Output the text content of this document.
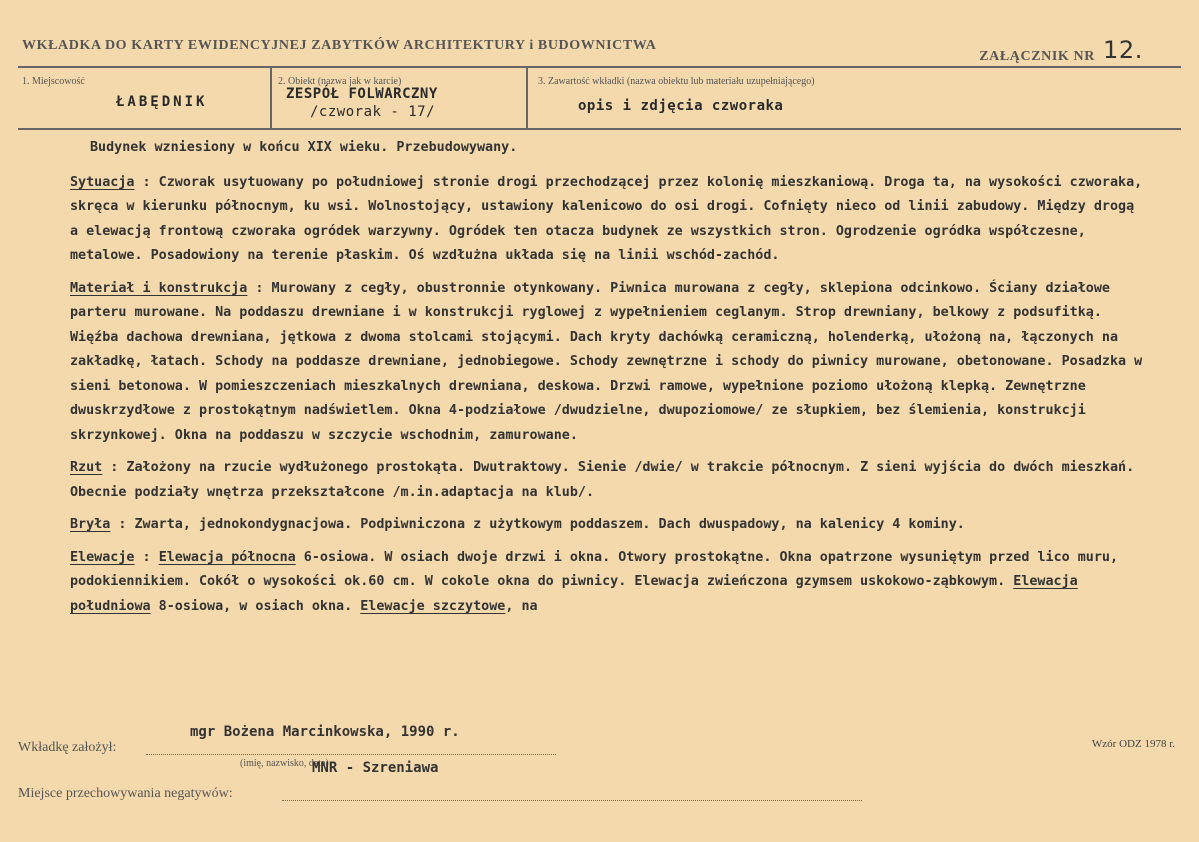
WKŁADKA DO KARTY EWIDENCYJNEJ ZABYTKÓW ARCHITEKTURY i BUDOWNICTWA
ZAŁĄCZNIK NR 12.
1. Miejscowość
ŁABĘDNIK
2. Obiekt (nazwa jak w karcie)
ZESPÓŁ FOLWARCZNY
/czworak - 17/
3. Zawartość wkładki (nazwa obiektu lub materiału uzupełniającego)
opis i zdjęcia czworaka

Budynek wzniesiony w końcu XIX wieku. Przebudowywany.

Sytuacja : Czworak usytuowany po południowej stronie drogi przechodzącej przez kolonię mieszkaniową. Droga ta, na wysokości czworaka, skręca w kierunku północnym, ku wsi. Wolnostojący, ustawiony kalenicowo do osi drogi. Cofnięty nieco od linii zabudowy. Między drogą a elewacją frontową czworaka ogródek warzywny. Ogródek ten otacza budynek ze wszystkich stron. Ogrodzenie ogródka współczesne, metalowe. Posadowiony na terenie płaskim. Oś wzdłużna układa się na linii wschód-zachód.

Materiał i konstrukcja : Murowany z cegły, obustronnie otynkowany. Piwnica murowana z cegły, sklepiona odcinkowo. Ściany działowe parteru murowane. Na poddaszu drewniane i w konstrukcji ryglowej z wypełnieniem ceglanym. Strop drewniany, belkowy z podsufitką. Więźba dachowa drewniana, jętkowa z dwoma stolcami stojącymi. Dach kryty dachówką ceramiczną, holenderką, ułożoną na, łączonych na zakładkę, łatach. Schody na poddasze drewniane, jednobiegowe. Schody zewnętrzne i schody do piwnicy murowane, obetonowane. Posadzka w sieni betonowa. W pomieszczeniach mieszkalnych drewniana, deskowa. Drzwi ramowe, wypełnione poziomo ułożoną klepką. Zewnętrzne dwuskrzydłowe z prostokątnym nadświetlem. Okna 4-podziałowe /dwudzielne, dwupoziomowe/ ze słupkiem, bez ślemienia, konstrukcji skrzynkowej. Okna na poddaszu w szczycie wschodnim, zamurowane.

Rzut : Założony na rzucie wydłużonego prostokąta. Dwutraktowy. Sienie /dwie/ w trakcie północnym. Z sieni wyjścia do dwóch mieszkań. Obecnie podziały wnętrza przekształcone /m.in.adaptacja na klub/.

Bryła : Zwarta, jednokondygnacjowa. Podpiwniczona z użytkowym poddaszem. Dach dwuspadowy, na kalenicy 4 kominy.

Elewacje : Elewacja północna 6-osiowa. W osiach dwoje drzwi i okna. Otwory prostokątne. Okna opatrzone wysuniętym przed lico muru, podokiennikiem. Cokół o wysokości ok.60 cm. W cokole okna do piwnicy. Elewacja zwieńczona gzymsem uskokowo-ząbkowym. Elewacja południowa 8-osiowa, w osiach okna. Elewacje szczytowe, na

Wkładkę założył:
mgr Bożena Marcinkowska, 1990 r.
(imię, nazwisko, data)
MNR - Szreniawa
Miejsce przechowywania negatywów:
Wzór ODZ 1978 r.
